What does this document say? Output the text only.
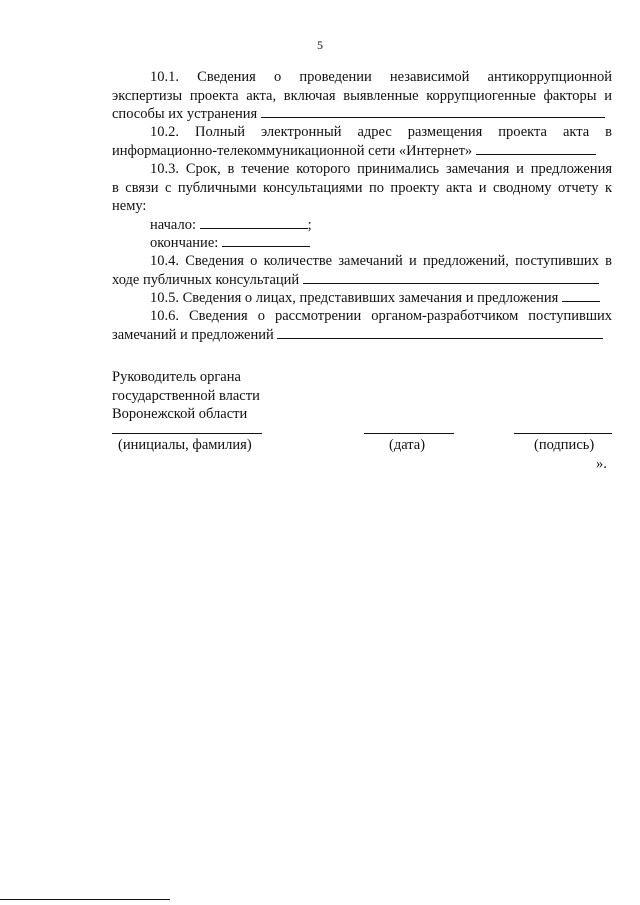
5
10.1. Сведения о проведении независимой антикоррупционной
экспертизы проекта акта, включая выявленные коррупциогенные факторы и
способы их устранения
10.2. Полный электронный адрес размещения проекта акта в
информационно-телекоммуникационной сети «Интернет»
10.3. Срок, в течение которого принимались замечания и предложения
в связи с публичными консультациями по проекту акта и сводному отчету к
нему:
начало:	;
окончание:
10.4. Сведения о количестве замечаний и предложений, поступивших в
ходе публичных консультаций
10.5. Сведения о лицах, представивших замечания и предложения
10.6. Сведения о рассмотрении органом-разработчиком поступивших
замечаний и предложений
Руководитель органа
государственной власти
Воронежской области
(инициалы, фамилия)	(дата)	(подпись)
».
